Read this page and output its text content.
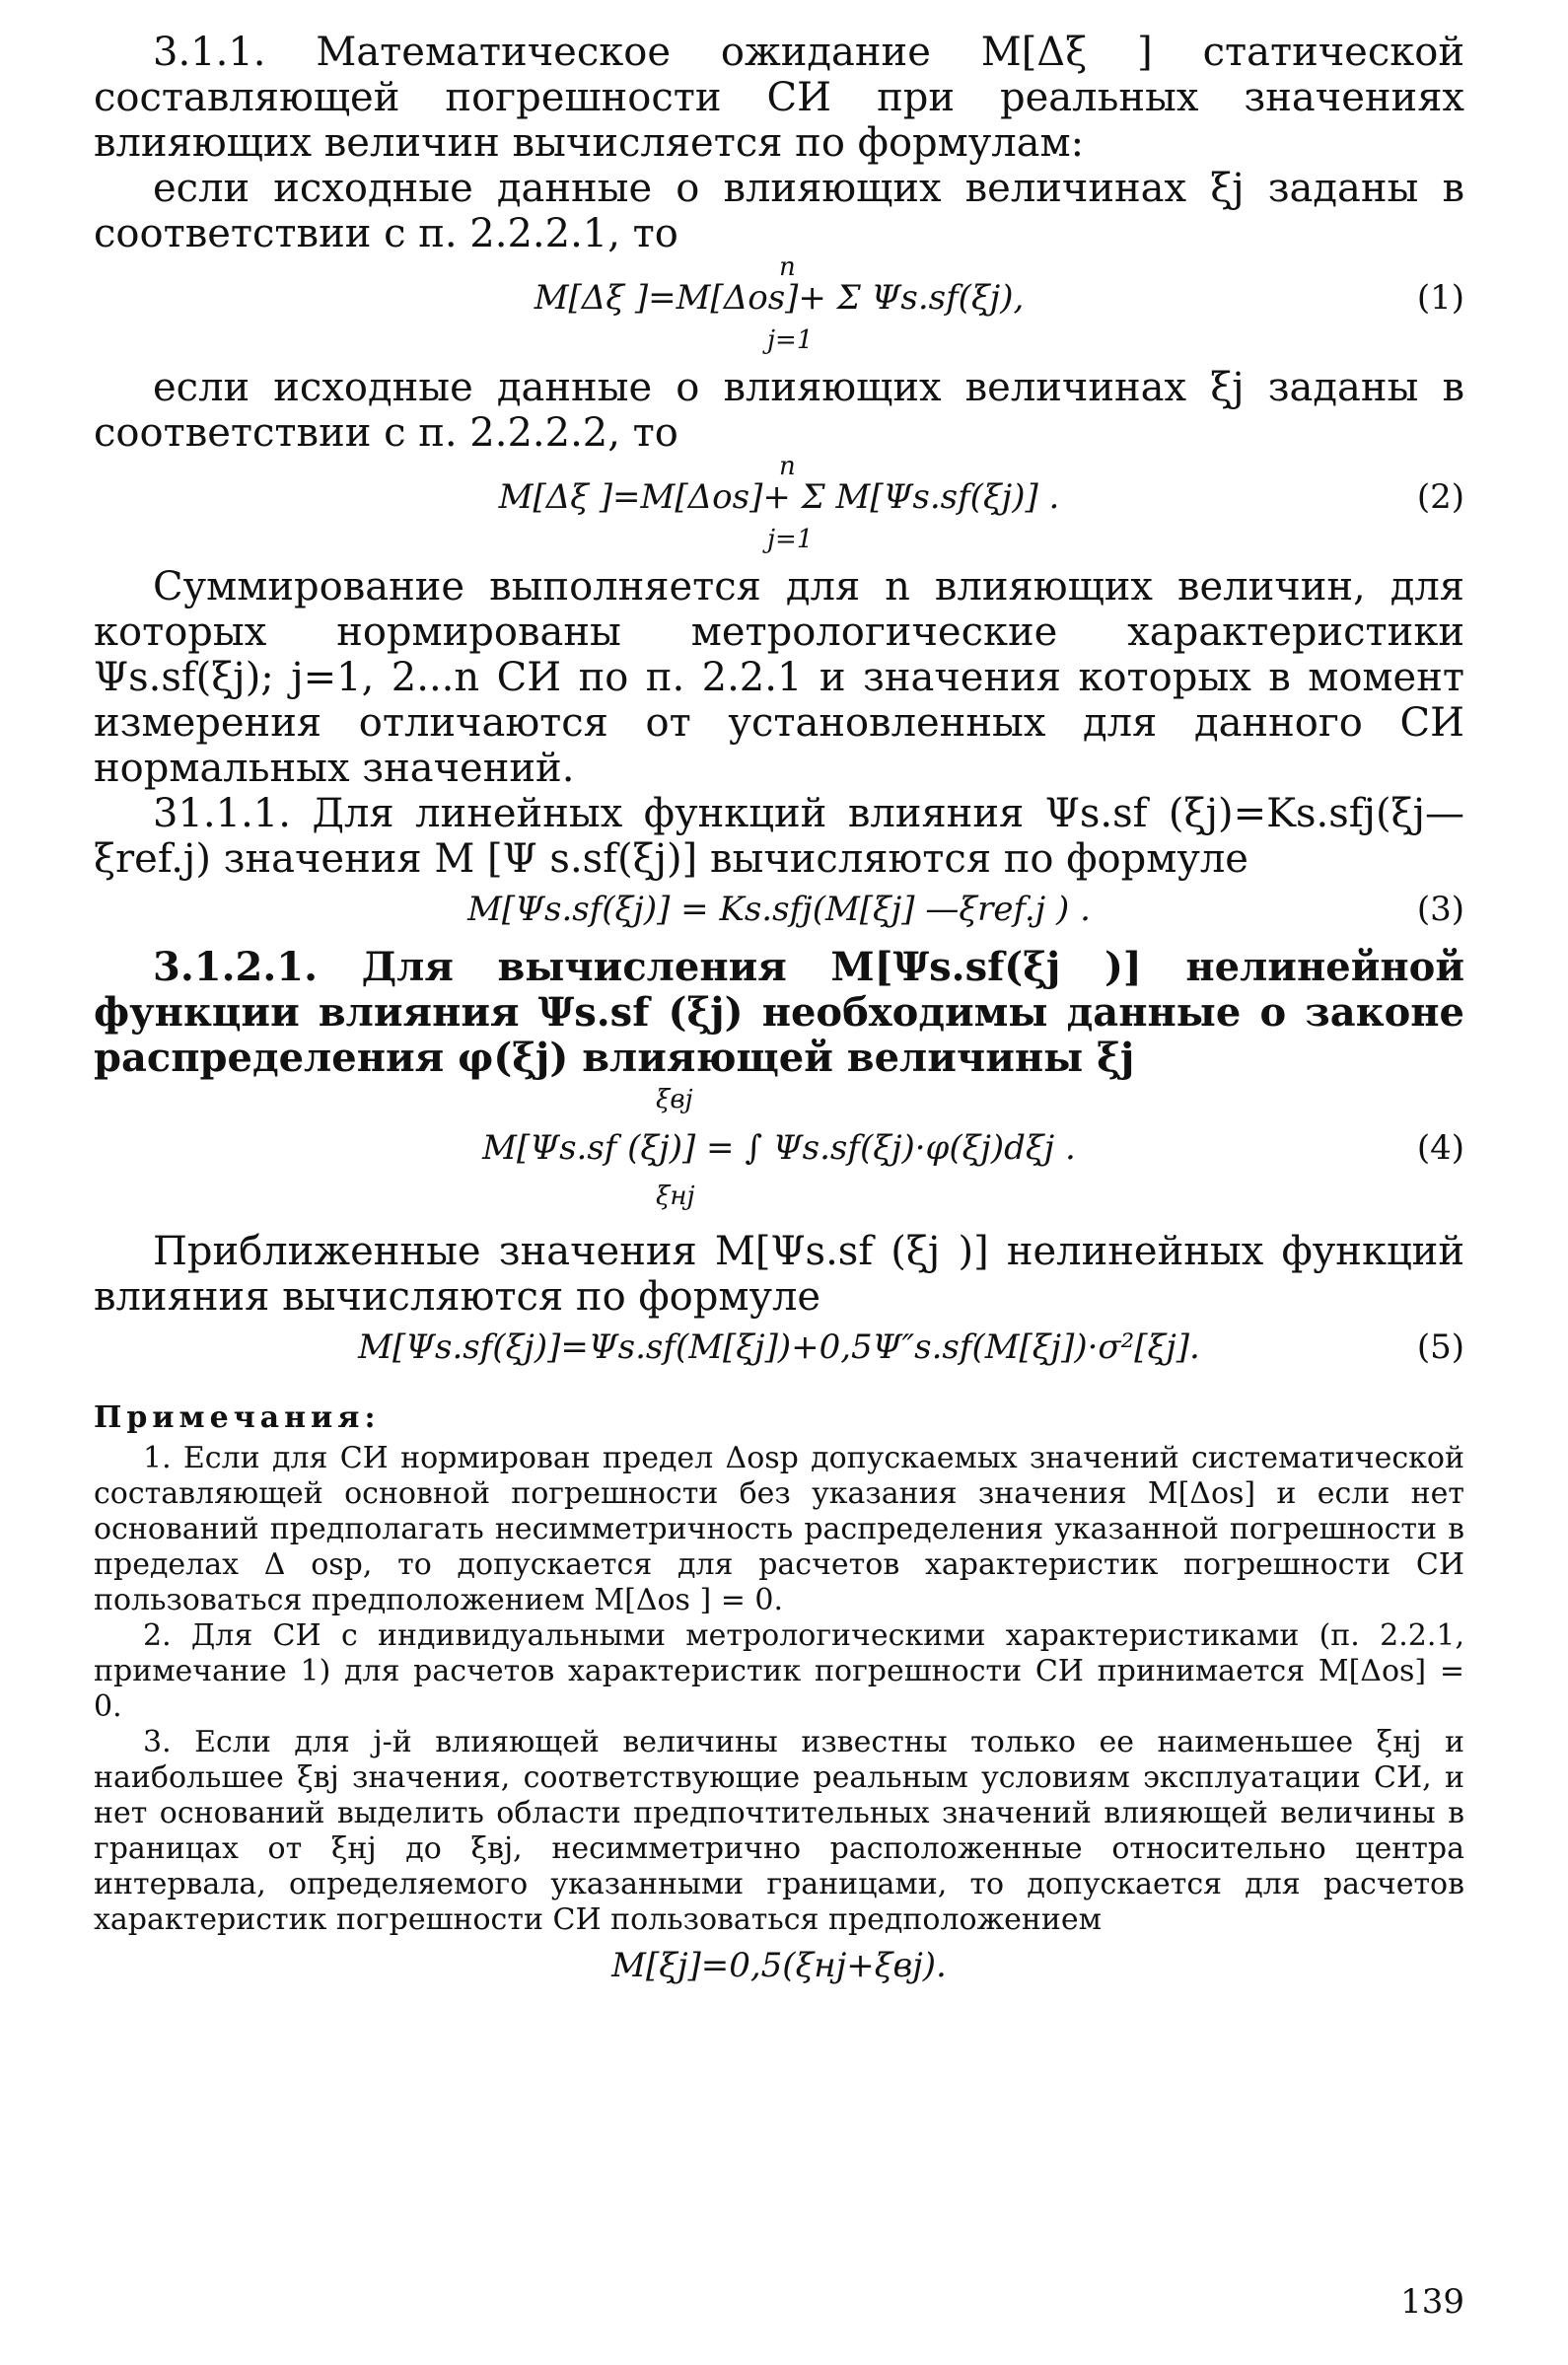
3.1.1. Математическое ожидание M[Δξ ] статической составляющей погрешности СИ при реальных значениях влияющих величин вычисляется по формулам:

если исходные данные о влияющих величинах ξj заданы в соответствии с п. 2.2.2.1, то

n
M[Δξ ]=M[Δos]+ Σ Ψs.sf(ξj),
j=1
(1)

если исходные данные о влияющих величинах ξj заданы в соответствии с п. 2.2.2.2, то

n
M[Δξ ]=M[Δos]+ Σ M[Ψs.sf(ξj)] .
j=1
(2)

Суммирование выполняется для n влияющих величин, для которых нормированы метрологические характеристики Ψs.sf(ξj); j=1, 2...n СИ по п. 2.2.1 и значения которых в момент измерения отличаются от установленных для данного СИ нормальных значений.

31.1.1. Для линейных функций влияния Ψs.sf (ξj)=Ks.sfj(ξj—ξref.j) значения M [Ψ s.sf(ξj)] вычисляются по формуле

M[Ψs.sf(ξj)] = Ks.sfj(M[ξj] —ξref.j ) .	(3)

3.1.2.1. Для вычисления M[Ψs.sf(ξj )] нелинейной функции влияния Ψs.sf (ξj) необходимы данные о законе распределения φ(ξj) влияющей величины ξj

ξвj
M[Ψs.sf (ξj)] = ∫ Ψs.sf(ξj)·φ(ξj)dξj .
ξнj
(4)

Приближенные значения M[Ψs.sf (ξj )] нелинейных функций влияния вычисляются по формуле

M[Ψs.sf(ξj)]=Ψs.sf(M[ξj])+0,5Ψ″s.sf(M[ξj])·σ²[ξj].	(5)
Примечания:

1. Если для СИ нормирован предел Δosp допускаемых значений систематической составляющей основной погрешности без указания значения M[Δos] и если нет оснований предполагать несимметричность распределения указанной погрешности в пределах Δ osp, то допускается для расчетов характеристик погрешности СИ пользоваться предположением M[Δos ] = 0.

2. Для СИ с индивидуальными метрологическими характеристиками (п. 2.2.1, примечание 1) для расчетов характеристик погрешности СИ принимается M[Δos] = 0.

3. Если для j-й влияющей величины известны только ее наименьшее ξнj и наибольшее ξвj значения, соответствующие реальным условиям эксплуатации СИ, и нет оснований выделить области предпочтительных значений влияющей величины в границах от ξнj до ξвj, несимметрично расположенные относительно центра интервала, определяемого указанными границами, то допускается для расчетов характеристик погрешности СИ пользоваться предположением

M[ξj]=0,5(ξнj+ξвj).
139
